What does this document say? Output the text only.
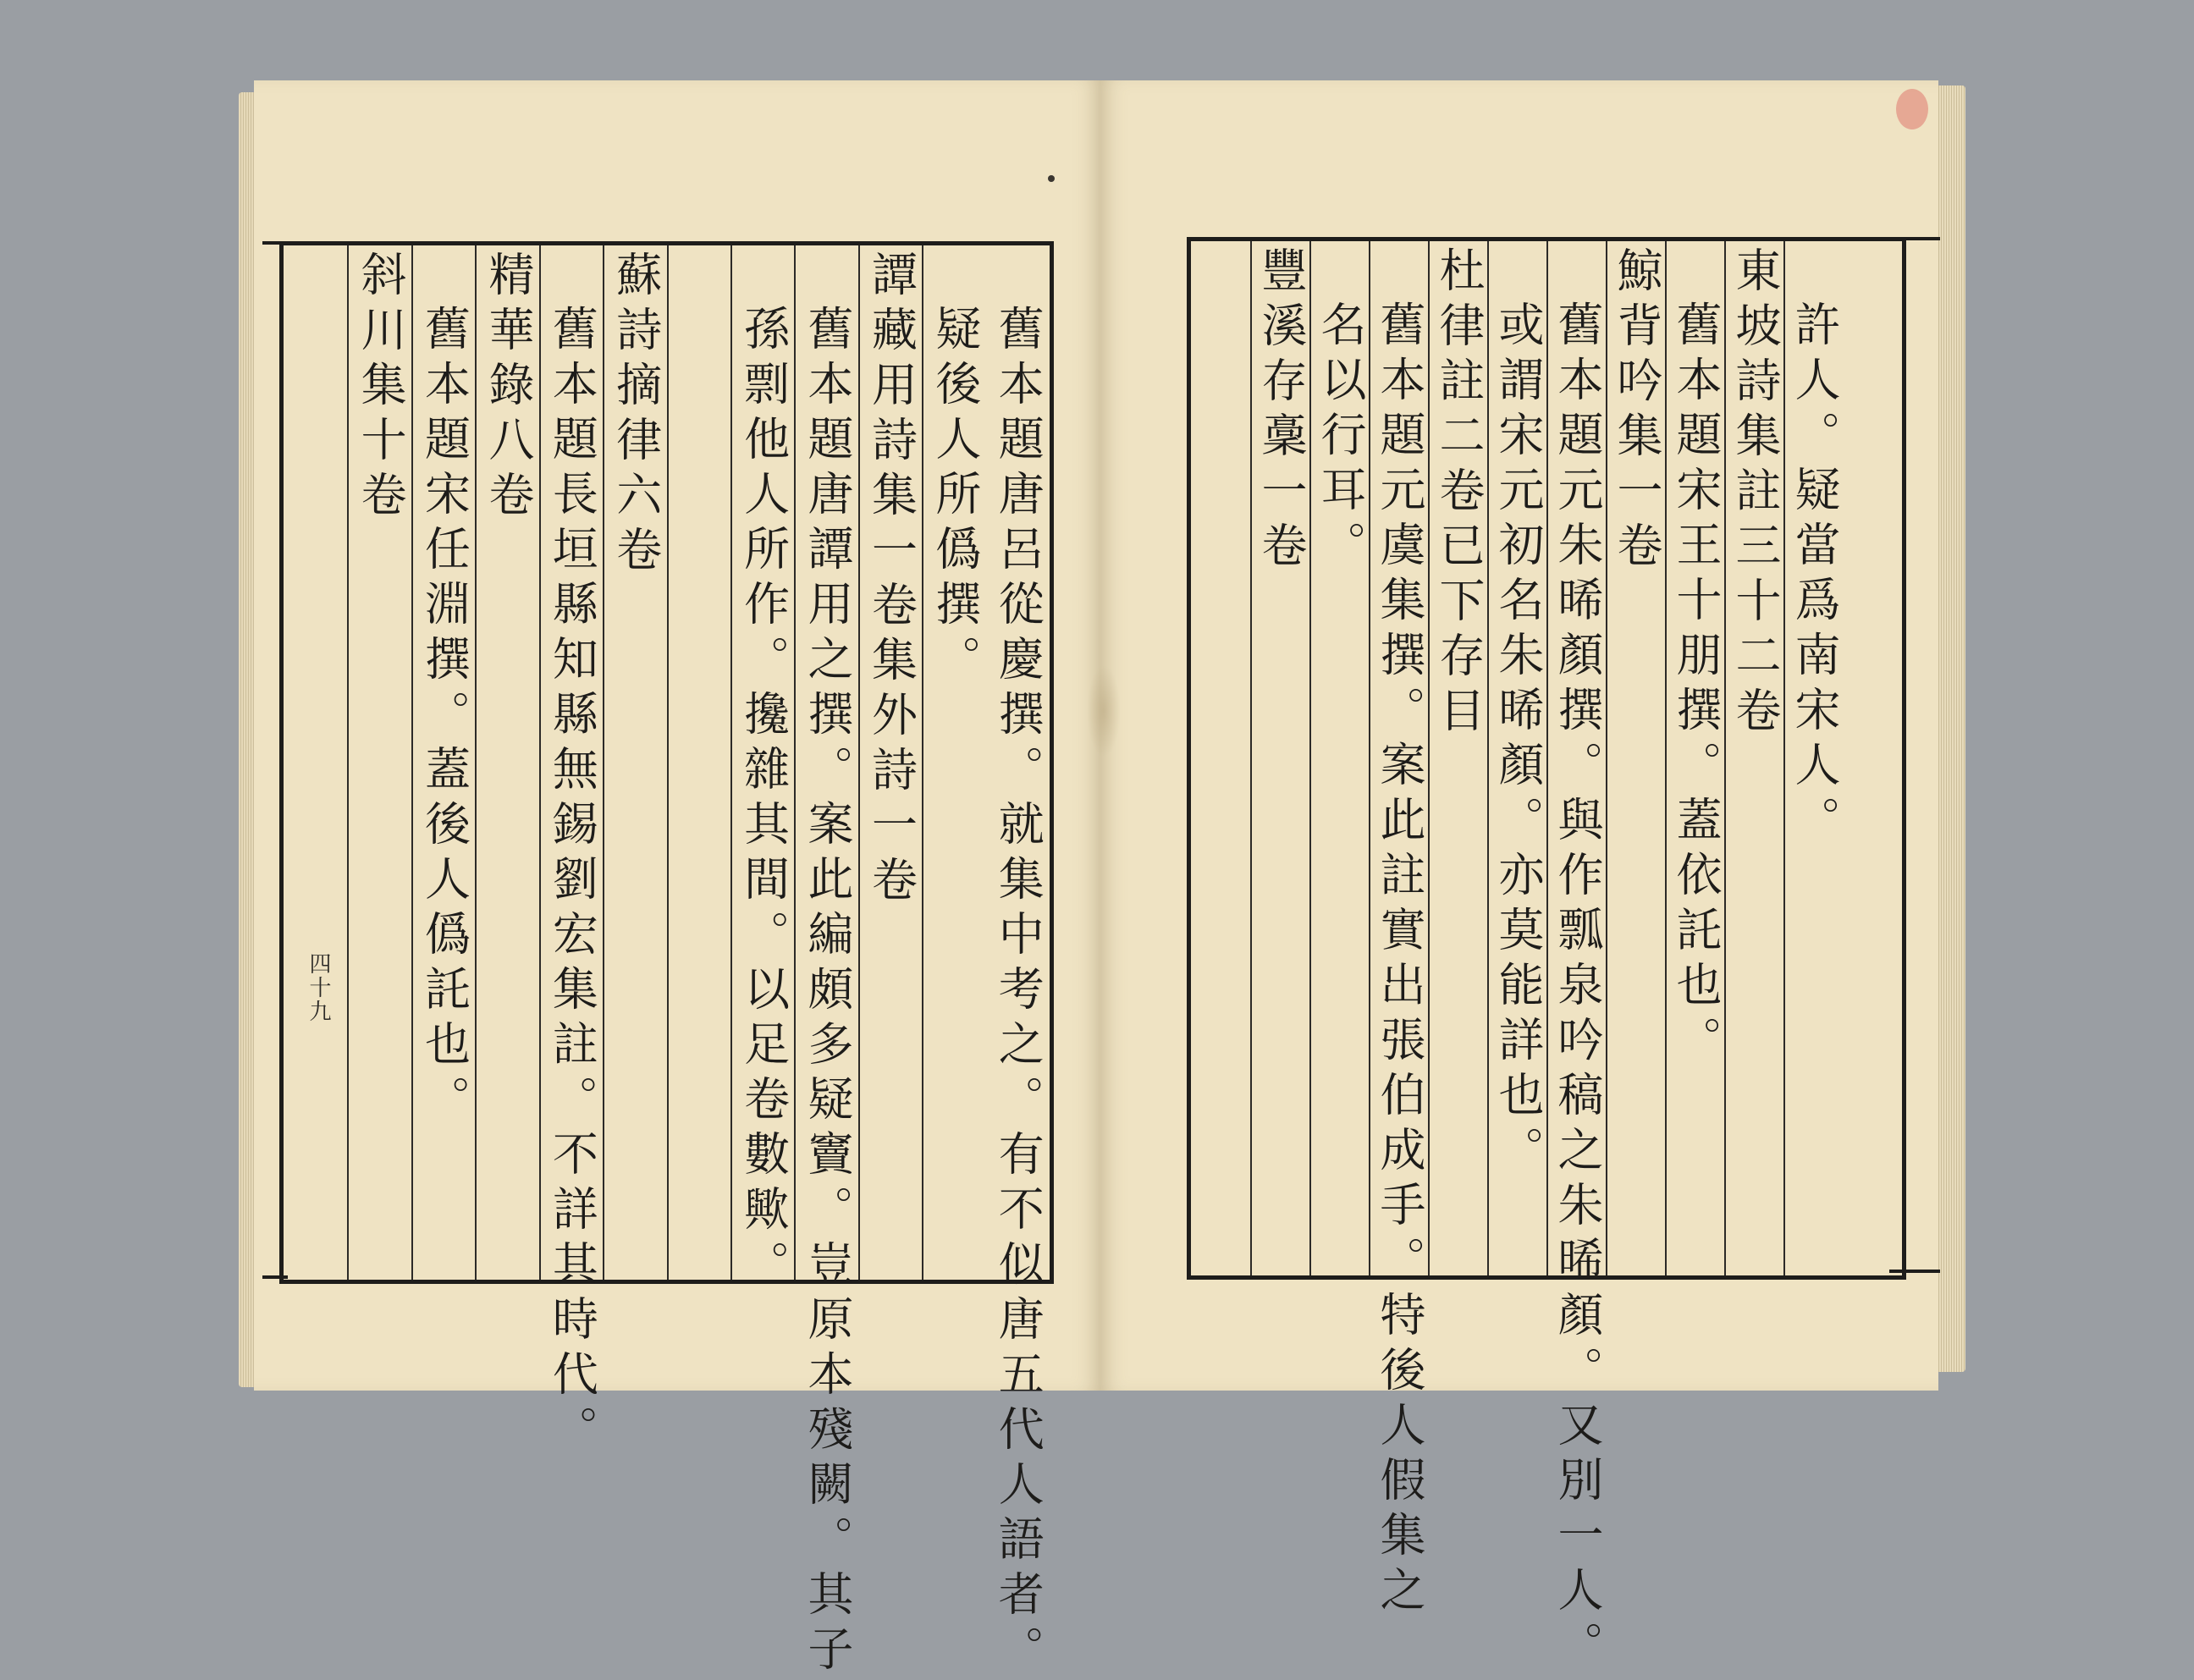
舊本題唐呂從慶撰。就集中考之。有不似唐五代人語者。
疑後人所僞撰。
譚藏用詩集一卷集外詩一卷
舊本題唐譚用之撰。案此編頗多疑竇。豈原本殘闕。其子
孫剽他人所作。攙雜其間。以足卷數歟。
蘇詩摘律六卷
舊本題長垣縣知縣無錫劉宏集註。不詳其時代。
精華錄八卷
舊本題宋任淵撰。蓋後人僞託也。
斜川集十卷
四十九
許人。疑當爲南宋人。
東坡詩集註三十二卷
舊本題宋王十朋撰。蓋依託也。
鯨背吟集一卷
舊本題元朱晞顏撰。與作瓢泉吟稿之朱晞顏。又別一人。
或謂宋元初名朱晞顏。亦莫能詳也。
杜律註二卷已下存目
舊本題元虞集撰。案此註實出張伯成手。特後人假集之
名以行耳。
豐溪存稾一卷
